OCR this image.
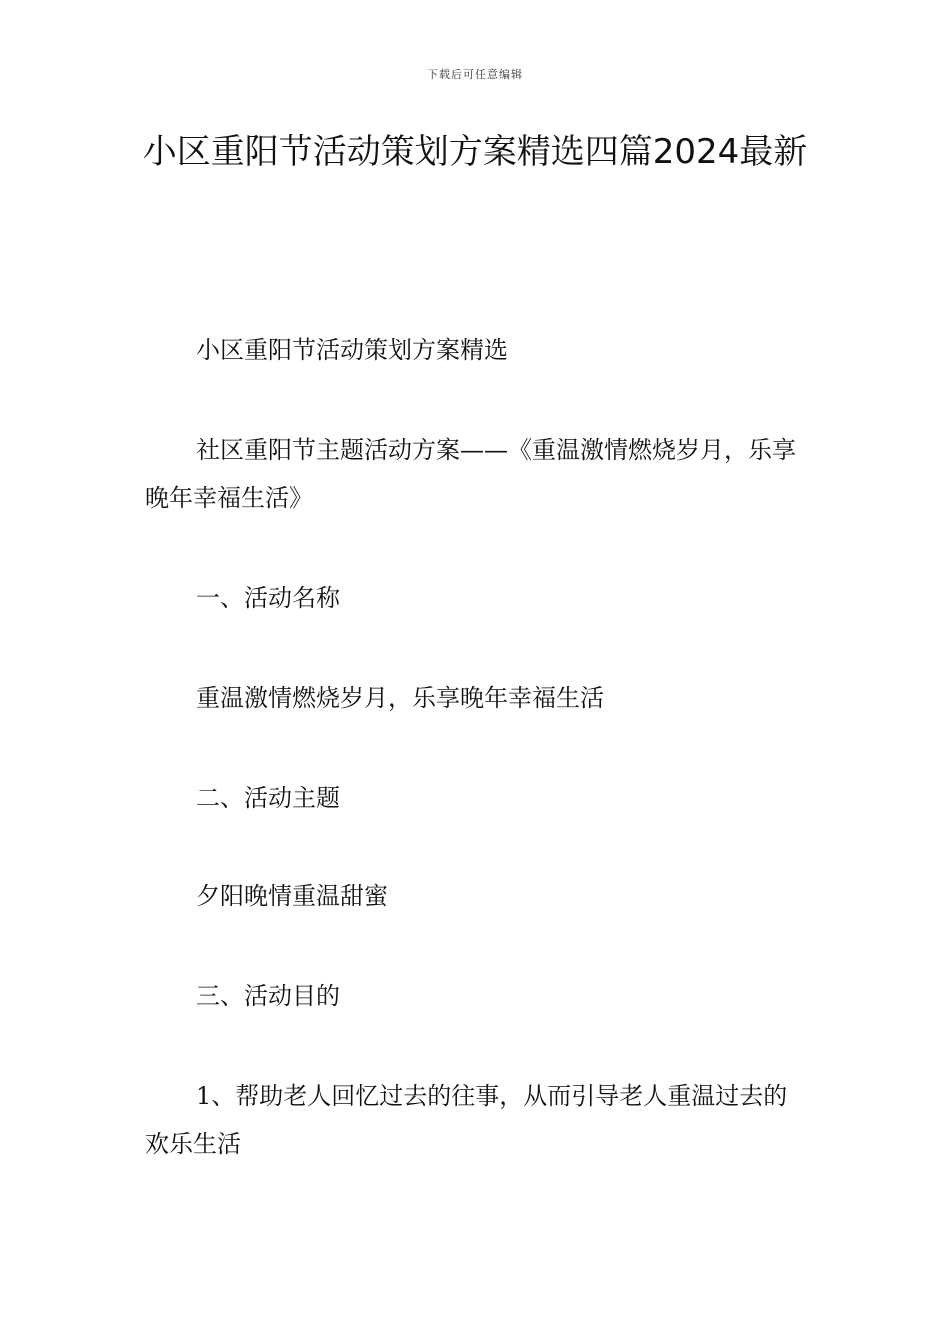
下载后可任意编辑
小区重阳节活动策划方案精选四篇2024最新

小区重阳节活动策划方案精选

社区重阳节主题活动方案——《重温激情燃烧岁月，乐享晚年幸福生活》

一、活动名称

重温激情燃烧岁月，乐享晚年幸福生活

二、活动主题

夕阳晚情重温甜蜜

三、活动目的

1、帮助老人回忆过去的往事，从而引导老人重温过去的欢乐生活
